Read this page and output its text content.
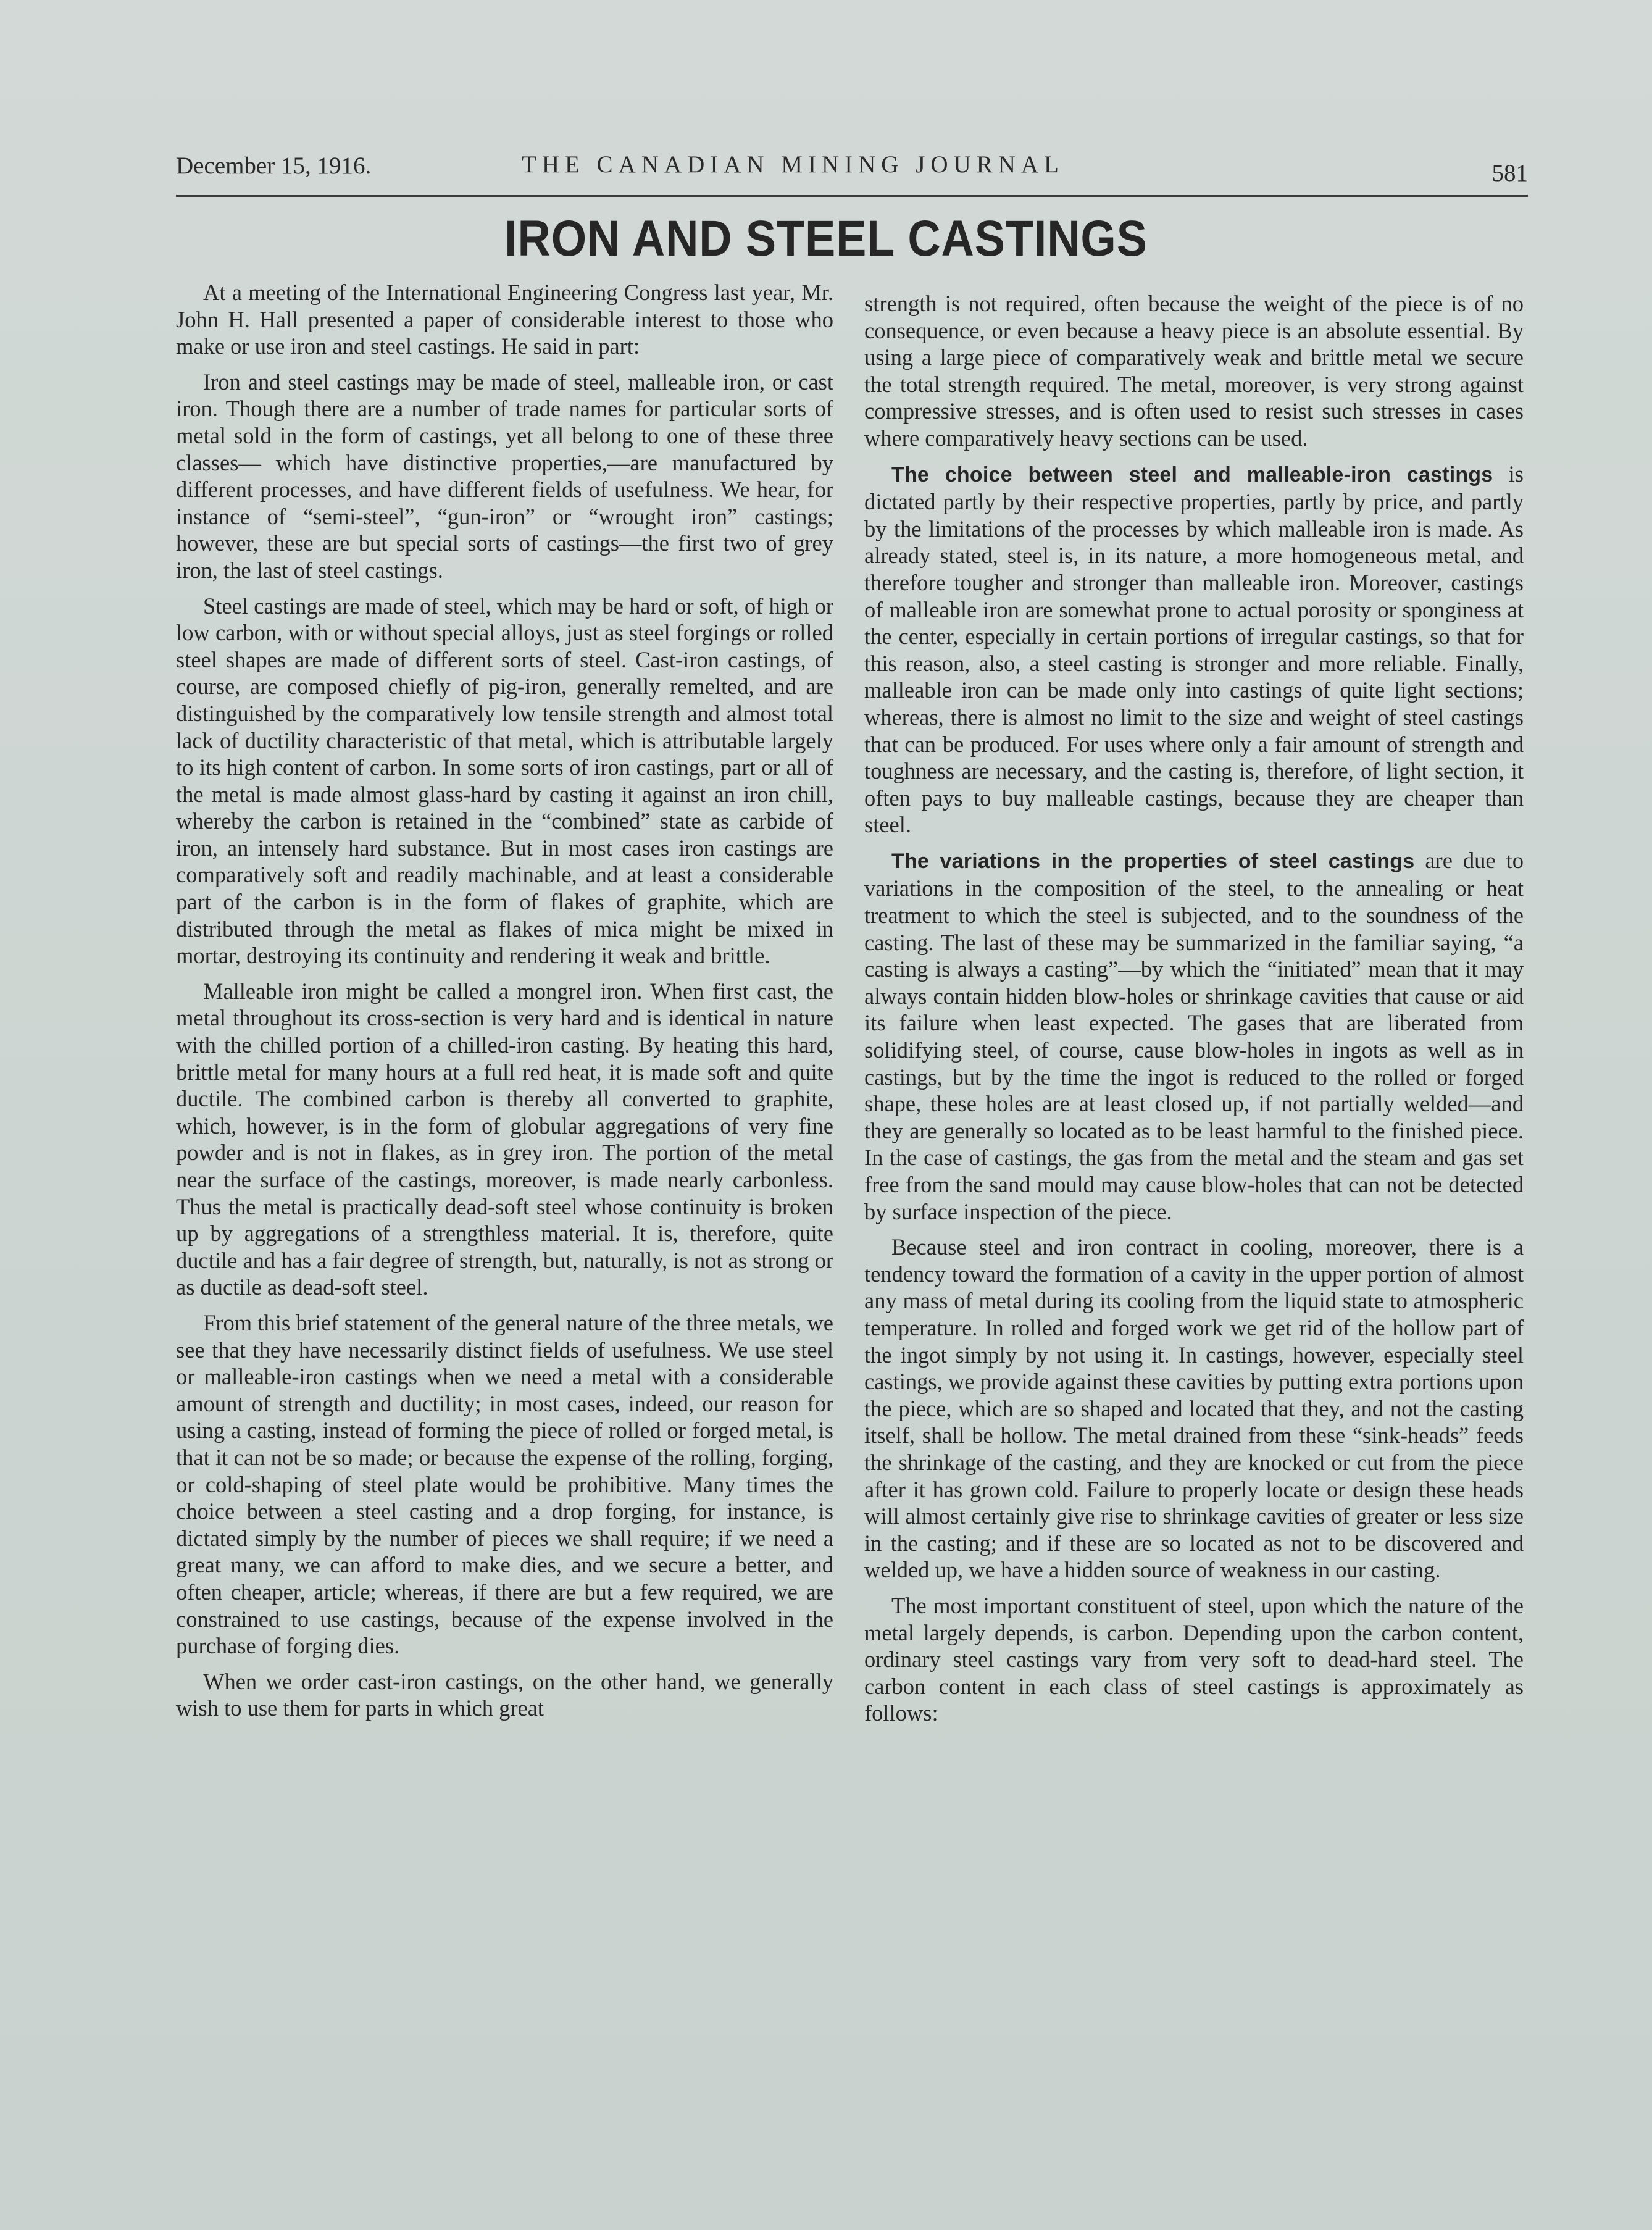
December 15, 1916.	THE CANADIAN MINING JOURNAL	581
IRON AND STEEL CASTINGS

At a meeting of the International Engineering Congress last year, Mr. John H. Hall presented a paper of considerable interest to those who make or use iron and steel castings. He said in part:

Iron and steel castings may be made of steel, malleable iron, or cast iron. Though there are a number of trade names for particular sorts of metal sold in the form of castings, yet all belong to one of these three classes— which have distinctive properties,—are manufactured by different processes, and have different fields of usefulness. We hear, for instance of “semi-steel”, “gun-iron” or “wrought iron” castings; however, these are but special sorts of castings—the first two of grey iron, the last of steel castings.

Steel castings are made of steel, which may be hard or soft, of high or low carbon, with or without special alloys, just as steel forgings or rolled steel shapes are made of different sorts of steel. Cast-iron castings, of course, are composed chiefly of pig-iron, generally remelted, and are distinguished by the comparatively low tensile strength and almost total lack of ductility characteristic of that metal, which is attributable largely to its high content of carbon. In some sorts of iron castings, part or all of the metal is made almost glass-hard by casting it against an iron chill, whereby the carbon is retained in the “combined” state as carbide of iron, an intensely hard substance. But in most cases iron castings are comparatively soft and readily machinable, and at least a considerable part of the carbon is in the form of flakes of graphite, which are distributed through the metal as flakes of mica might be mixed in mortar, destroying its continuity and rendering it weak and brittle.

Malleable iron might be called a mongrel iron. When first cast, the metal throughout its cross-section is very hard and is identical in nature with the chilled portion of a chilled-iron casting. By heating this hard, brittle metal for many hours at a full red heat, it is made soft and quite ductile. The combined carbon is thereby all converted to graphite, which, however, is in the form of globular aggregations of very fine powder and is not in flakes, as in grey iron. The portion of the metal near the surface of the castings, moreover, is made nearly carbonless. Thus the metal is practically dead-soft steel whose continuity is broken up by aggregations of a strengthless material. It is, therefore, quite ductile and has a fair degree of strength, but, naturally, is not as strong or as ductile as dead-soft steel.

From this brief statement of the general nature of the three metals, we see that they have necessarily distinct fields of usefulness. We use steel or malleable-iron castings when we need a metal with a considerable amount of strength and ductility; in most cases, indeed, our reason for using a casting, instead of forming the piece of rolled or forged metal, is that it can not be so made; or because the expense of the rolling, forging, or cold-shaping of steel plate would be prohibitive. Many times the choice between a steel casting and a drop forging, for instance, is dictated simply by the number of pieces we shall require; if we need a great many, we can afford to make dies, and we secure a better, and often cheaper, article; whereas, if there are but a few required, we are constrained to use castings, because of the expense involved in the purchase of forging dies.

When we order cast-iron castings, on the other hand, we generally wish to use them for parts in which great

strength is not required, often because the weight of the piece is of no consequence, or even because a heavy piece is an absolute essential. By using a large piece of comparatively weak and brittle metal we secure the total strength required. The metal, moreover, is very strong against compressive stresses, and is often used to resist such stresses in cases where comparatively heavy sections can be used.

The choice between steel and malleable-iron castings is dictated partly by their respective properties, partly by price, and partly by the limitations of the processes by which malleable iron is made. As already stated, steel is, in its nature, a more homogeneous metal, and therefore tougher and stronger than malleable iron. Moreover, castings of malleable iron are somewhat prone to actual porosity or sponginess at the center, especially in certain portions of irregular castings, so that for this reason, also, a steel casting is stronger and more reliable. Finally, malleable iron can be made only into castings of quite light sections; whereas, there is almost no limit to the size and weight of steel castings that can be produced. For uses where only a fair amount of strength and toughness are necessary, and the casting is, therefore, of light section, it often pays to buy malleable castings, because they are cheaper than steel.

The variations in the properties of steel castings are due to variations in the composition of the steel, to the annealing or heat treatment to which the steel is subjected, and to the soundness of the casting. The last of these may be summarized in the familiar saying, “a casting is always a casting”—by which the “initiated” mean that it may always contain hidden blow-holes or shrinkage cavities that cause or aid its failure when least expected. The gases that are liberated from solidifying steel, of course, cause blow-holes in ingots as well as in castings, but by the time the ingot is reduced to the rolled or forged shape, these holes are at least closed up, if not partially welded—and they are generally so located as to be least harmful to the finished piece. In the case of castings, the gas from the metal and the steam and gas set free from the sand mould may cause blow-holes that can not be detected by surface inspection of the piece.

Because steel and iron contract in cooling, moreover, there is a tendency toward the formation of a cavity in the upper portion of almost any mass of metal during its cooling from the liquid state to atmospheric temperature. In rolled and forged work we get rid of the hollow part of the ingot simply by not using it. In castings, however, especially steel castings, we provide against these cavities by putting extra portions upon the piece, which are so shaped and located that they, and not the casting itself, shall be hollow. The metal drained from these “sink-heads” feeds the shrinkage of the casting, and they are knocked or cut from the piece after it has grown cold. Failure to properly locate or design these heads will almost certainly give rise to shrinkage cavities of greater or less size in the casting; and if these are so located as not to be discovered and welded up, we have a hidden source of weakness in our casting.

The most important constituent of steel, upon which the nature of the metal largely depends, is carbon. Depending upon the carbon content, ordinary steel castings vary from very soft to dead-hard steel. The carbon content in each class of steel castings is approximately as follows:
